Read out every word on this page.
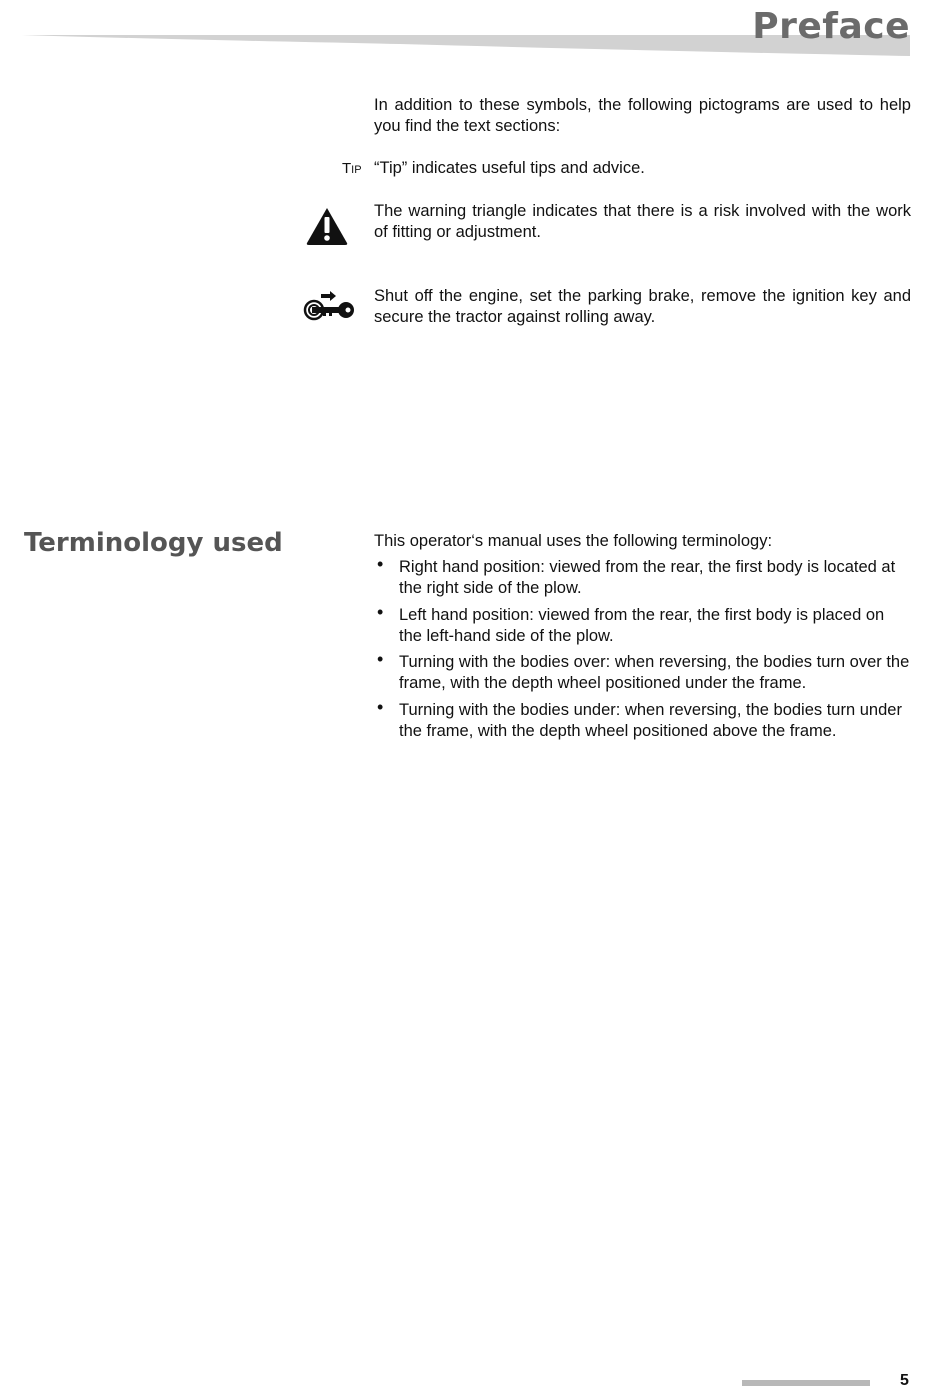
Preface
In addition to these symbols, the following pictograms are used to help you find the text sections:
TIP “Tip” indicates useful tips and advice.
The warning triangle indicates that there is a risk involved with the work of fitting or adjustment.
Shut off the engine, set the parking brake, remove the ignition key and secure the tractor against rolling away.
Terminology used	This operator‘s manual uses the following terminology:
• Right hand position: viewed from the rear, the first body is located at the right side of the plow.
• Left hand position: viewed from the rear, the first body is placed on the left-hand side of the plow.
• Turning with the bodies over: when reversing, the bodies turn over the frame, with the depth wheel positioned under the frame.
• Turning with the bodies under: when reversing, the bodies turn under the frame, with the depth wheel positioned above the frame.
5
